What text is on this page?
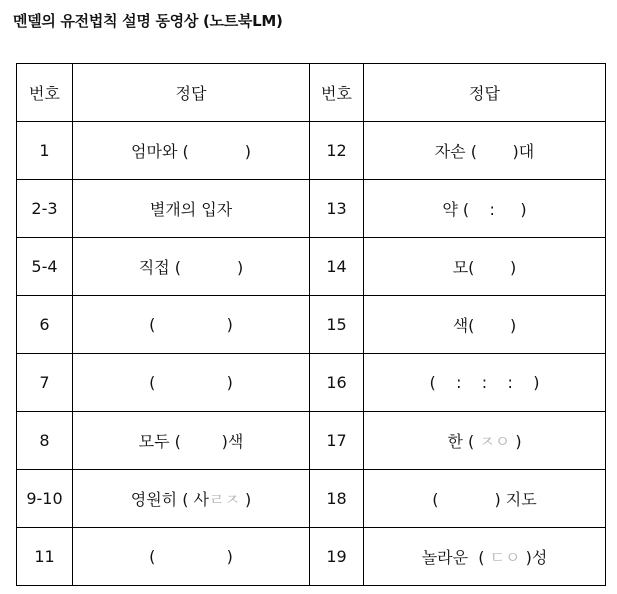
멘델의 유전법칙 설명 동영상 (노트북LM)
번호	정답	번호	정답
1	엄마와 (           )	12	자손 (       )대
2-3	별개의 입자	13	약 (    :     )
5-4	직접 (           )	14	모(       )
6	(              )	15	색(       )
7	(              )	16	(    :    :    :    )
8	모두 (        )색	17	한 ( ㅈㅇ )
9-10	영원히 ( 사ㄹㅈ )	18	(           ) 지도
11	(              )	19	놀라운  ( ㄷㅇ )성
